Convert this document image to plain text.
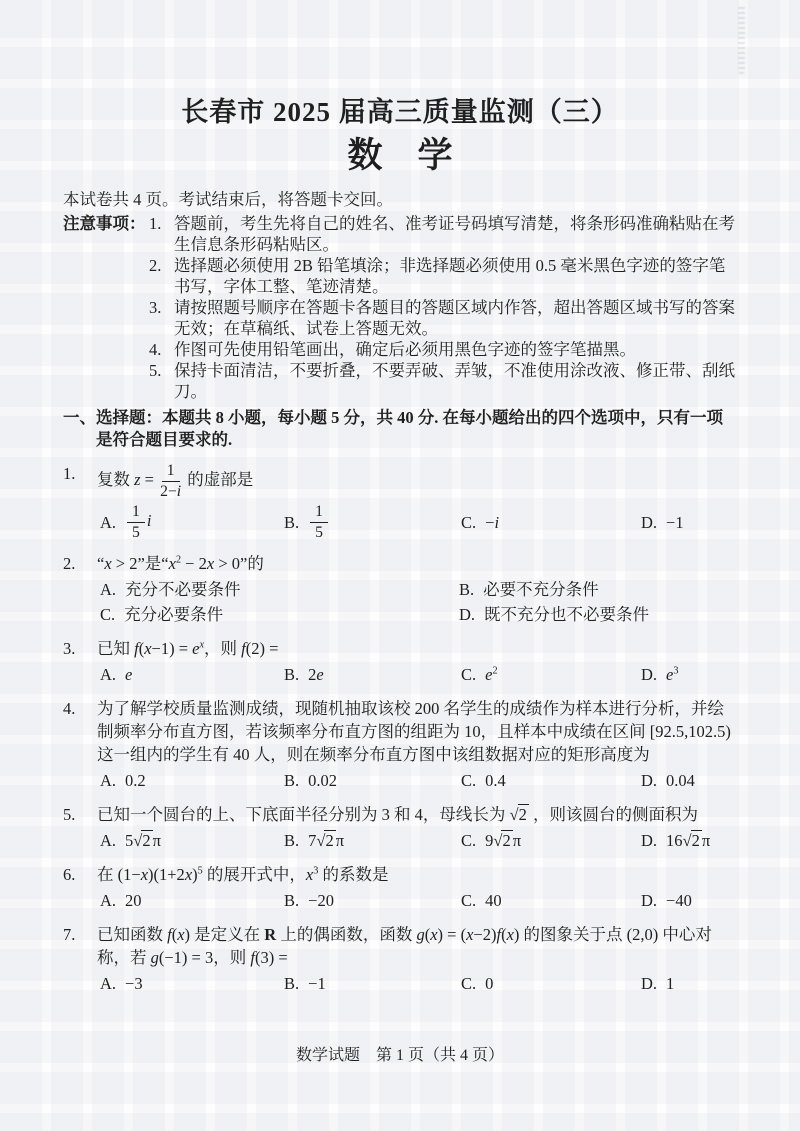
长春市 2025 届高三质量监测（三）
数　学
本试卷共 4 页。考试结束后，将答题卡交回。
注意事项： 1. 答题前，考生先将自己的姓名、准考证号码填写清楚，将条形码准确粘贴在考生信息条形码粘贴区。
2. 选择题必须使用 2B 铅笔填涂；非选择题必须使用 0.5 毫米黑色字迹的签字笔书写，字体工整、笔迹清楚。
3. 请按照题号顺序在答题卡各题目的答题区域内作答，超出答题区域书写的答案无效；在草稿纸、试卷上答题无效。
4. 作图可先使用铅笔画出，确定后必须用黑色字迹的签字笔描黑。
5. 保持卡面清洁，不要折叠，不要弄破、弄皱，不准使用涂改液、修正带、刮纸刀。
一、选择题：本题共 8 小题，每小题 5 分，共 40 分. 在每小题给出的四个选项中，只有一项是符合题目要求的.
1.	复数 $z = \frac{1}{2-i}$ 的虚部是
A. $\frac{1}{5}$ i	B. $\frac{1}{5}$	C. −i	D. −1
2.	“x > 2”是“$x^2 - 2x > 0$”的
A. 充分不必要条件	B. 必要不充分条件
C. 充分必要条件	D. 既不充分也不必要条件
3.	已知 $f(x-1) = e^x$，则 f(2) =
A. e	B. 2e	C. $e^2$	D. $e^3$
4.	为了解学校质量监测成绩，现随机抽取该校 200 名学生的成绩作为样本进行分析，并绘制频率分布直方图，若该频率分布直方图的组距为 10，且样本中成绩在区间 [92.5,102.5) 这一组内的学生有 40 人，则在频率分布直方图中该组数据对应的矩形高度为
A. 0.2	B. 0.02	C. 0.4	D. 0.04
5.	已知一个圆台的上、下底面半径分别为 3 和 4，母线长为 √2 ，则该圆台的侧面积为
A. 5√2 π	B. 7√2 π	C. 9√2 π	D. 16√2 π
6.	在 $(1-x)(1+2x)^5$ 的展开式中，$x^3$ 的系数是
A. 20	B. −20	C. 40	D. −40
7.	已知函数 f(x) 是定义在 R 上的偶函数，函数 g(x) = (x−2)f(x) 的图象关于点 (2,0) 中心对称，若 g(−1) = 3，则 f(3) =
A. −3	B. −1	C. 0	D. 1
数学试题　第 1 页（共 4 页）
